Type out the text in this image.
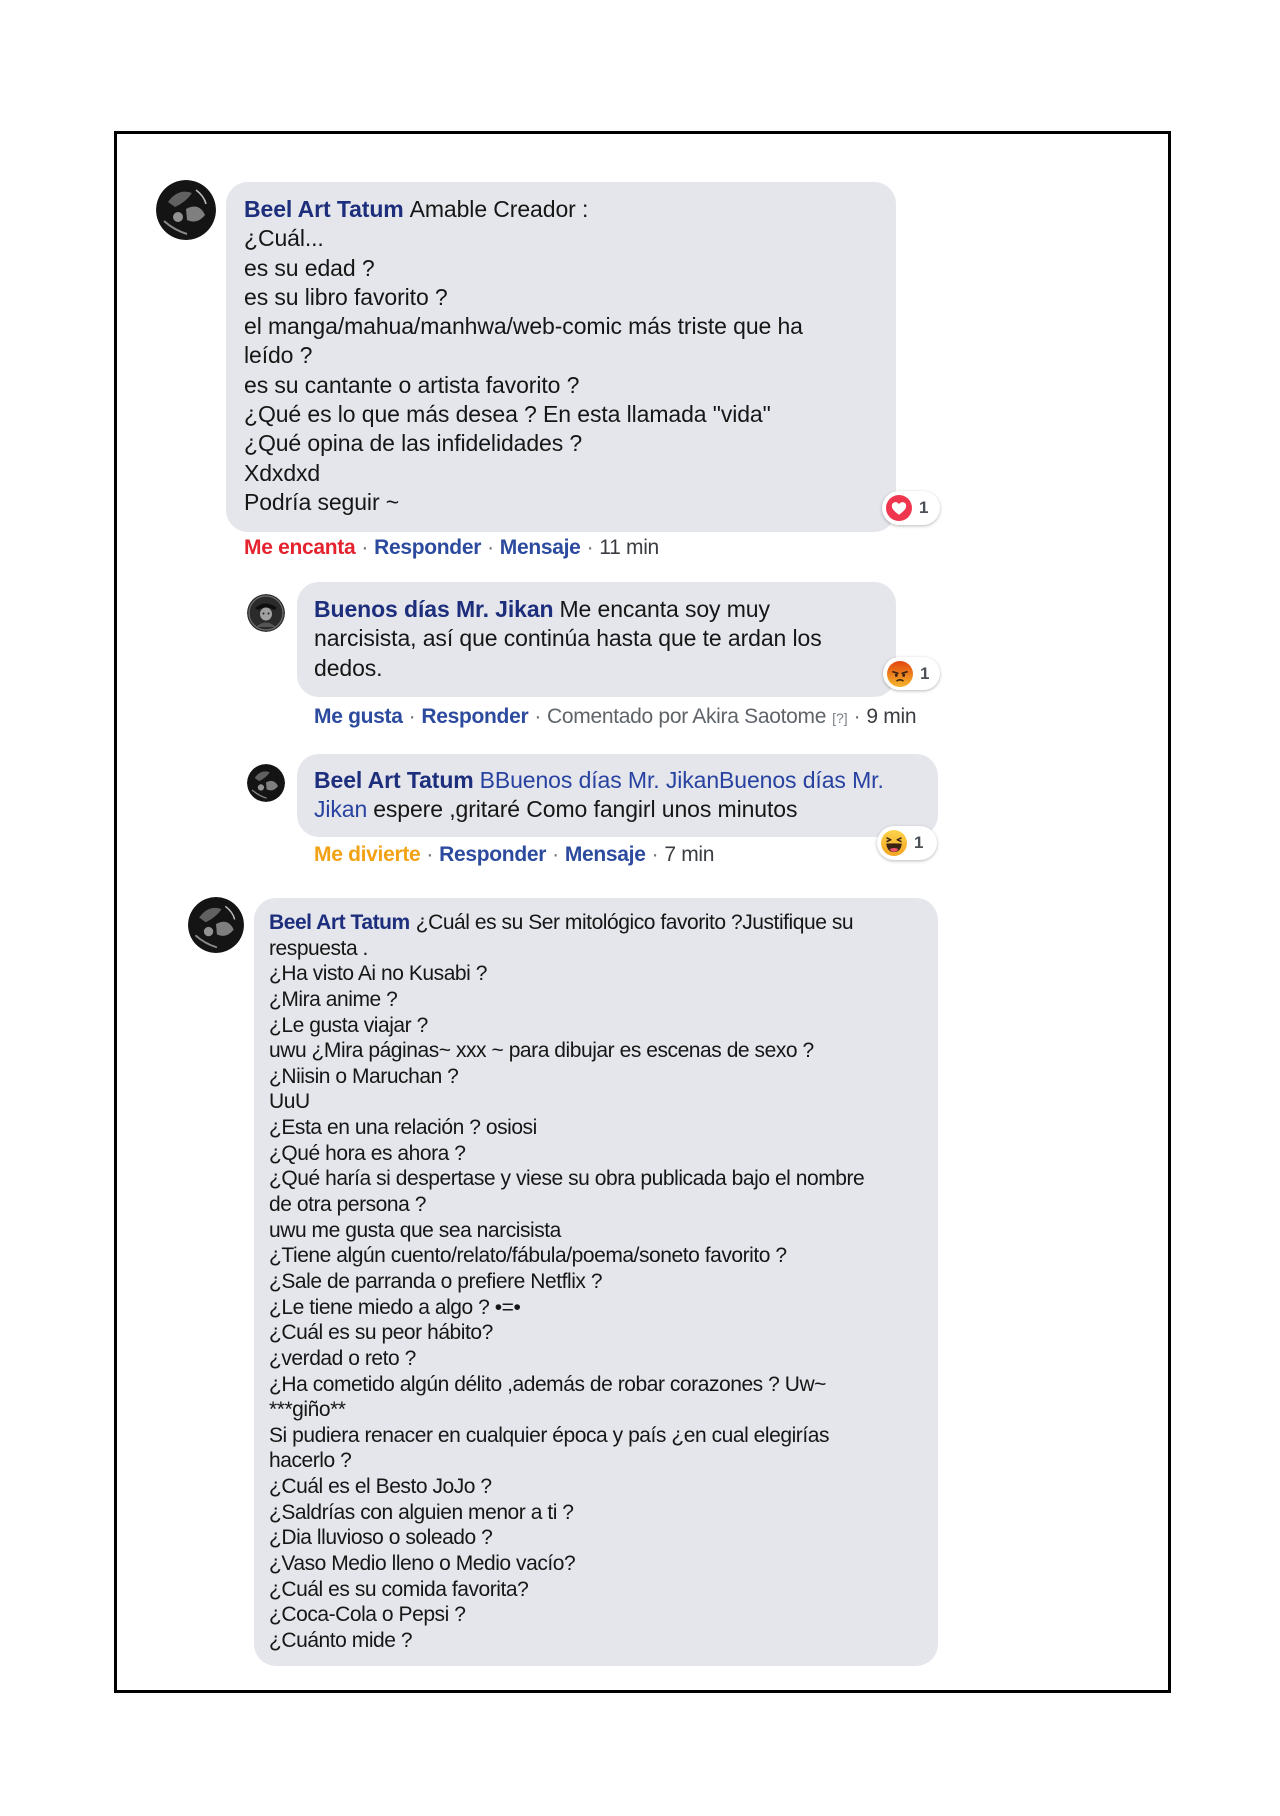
Beel Art Tatum Amable Creador :
¿Cuál...
es su edad ?
es su libro favorito ?
el manga/mahua/manhwa/web-comic más triste que ha
leído ?
es su cantante o artista favorito ?
¿Qué es lo que más desea ? En esta llamada "vida"
¿Qué opina de las infidelidades ?
Xdxdxd
Podría seguir ~	1
Me encanta · Responder · Mensaje · 11 min
Buenos días Mr. Jikan Me encanta soy muy
narcisista, así que continúa hasta que te ardan los
dedos.	1
Me gusta · Responder · Comentado por Akira Saotome [?] · 9 min
Beel Art Tatum BBuenos días Mr. JikanBuenos días Mr.
Jikan espere ,gritaré Como fangirl unos minutos
1
Me divierte · Responder · Mensaje · 7 min
Beel Art Tatum ¿Cuál es su Ser mitológico favorito ?Justifique su
respuesta .
¿Ha visto Ai no Kusabi ?
¿Mira anime ?
¿Le gusta viajar ?
uwu ¿Mira páginas~ xxx ~ para dibujar es escenas de sexo ?
¿Niisin o Maruchan ?
UuU
¿Esta en una relación ? osiosi
¿Qué hora es ahora ?
¿Qué haría si despertase y viese su obra publicada bajo el nombre
de otra persona ?
uwu me gusta que sea narcisista
¿Tiene algún cuento/relato/fábula/poema/soneto favorito ?
¿Sale de parranda o prefiere Netflix ?
¿Le tiene miedo a algo ? •=•
¿Cuál es su peor hábito?
¿verdad o reto ?
¿Ha cometido algún délito ,además de robar corazones ? Uw~
***giño**
Si pudiera renacer en cualquier época y país ¿en cual elegirías
hacerlo ?
¿Cuál es el Besto JoJo ?
¿Saldrías con alguien menor a ti ?
¿Dia lluvioso o soleado ?
¿Vaso Medio lleno o Medio vacío?
¿Cuál es su comida favorita?
¿Coca-Cola o Pepsi ?
¿Cuánto mide ?
